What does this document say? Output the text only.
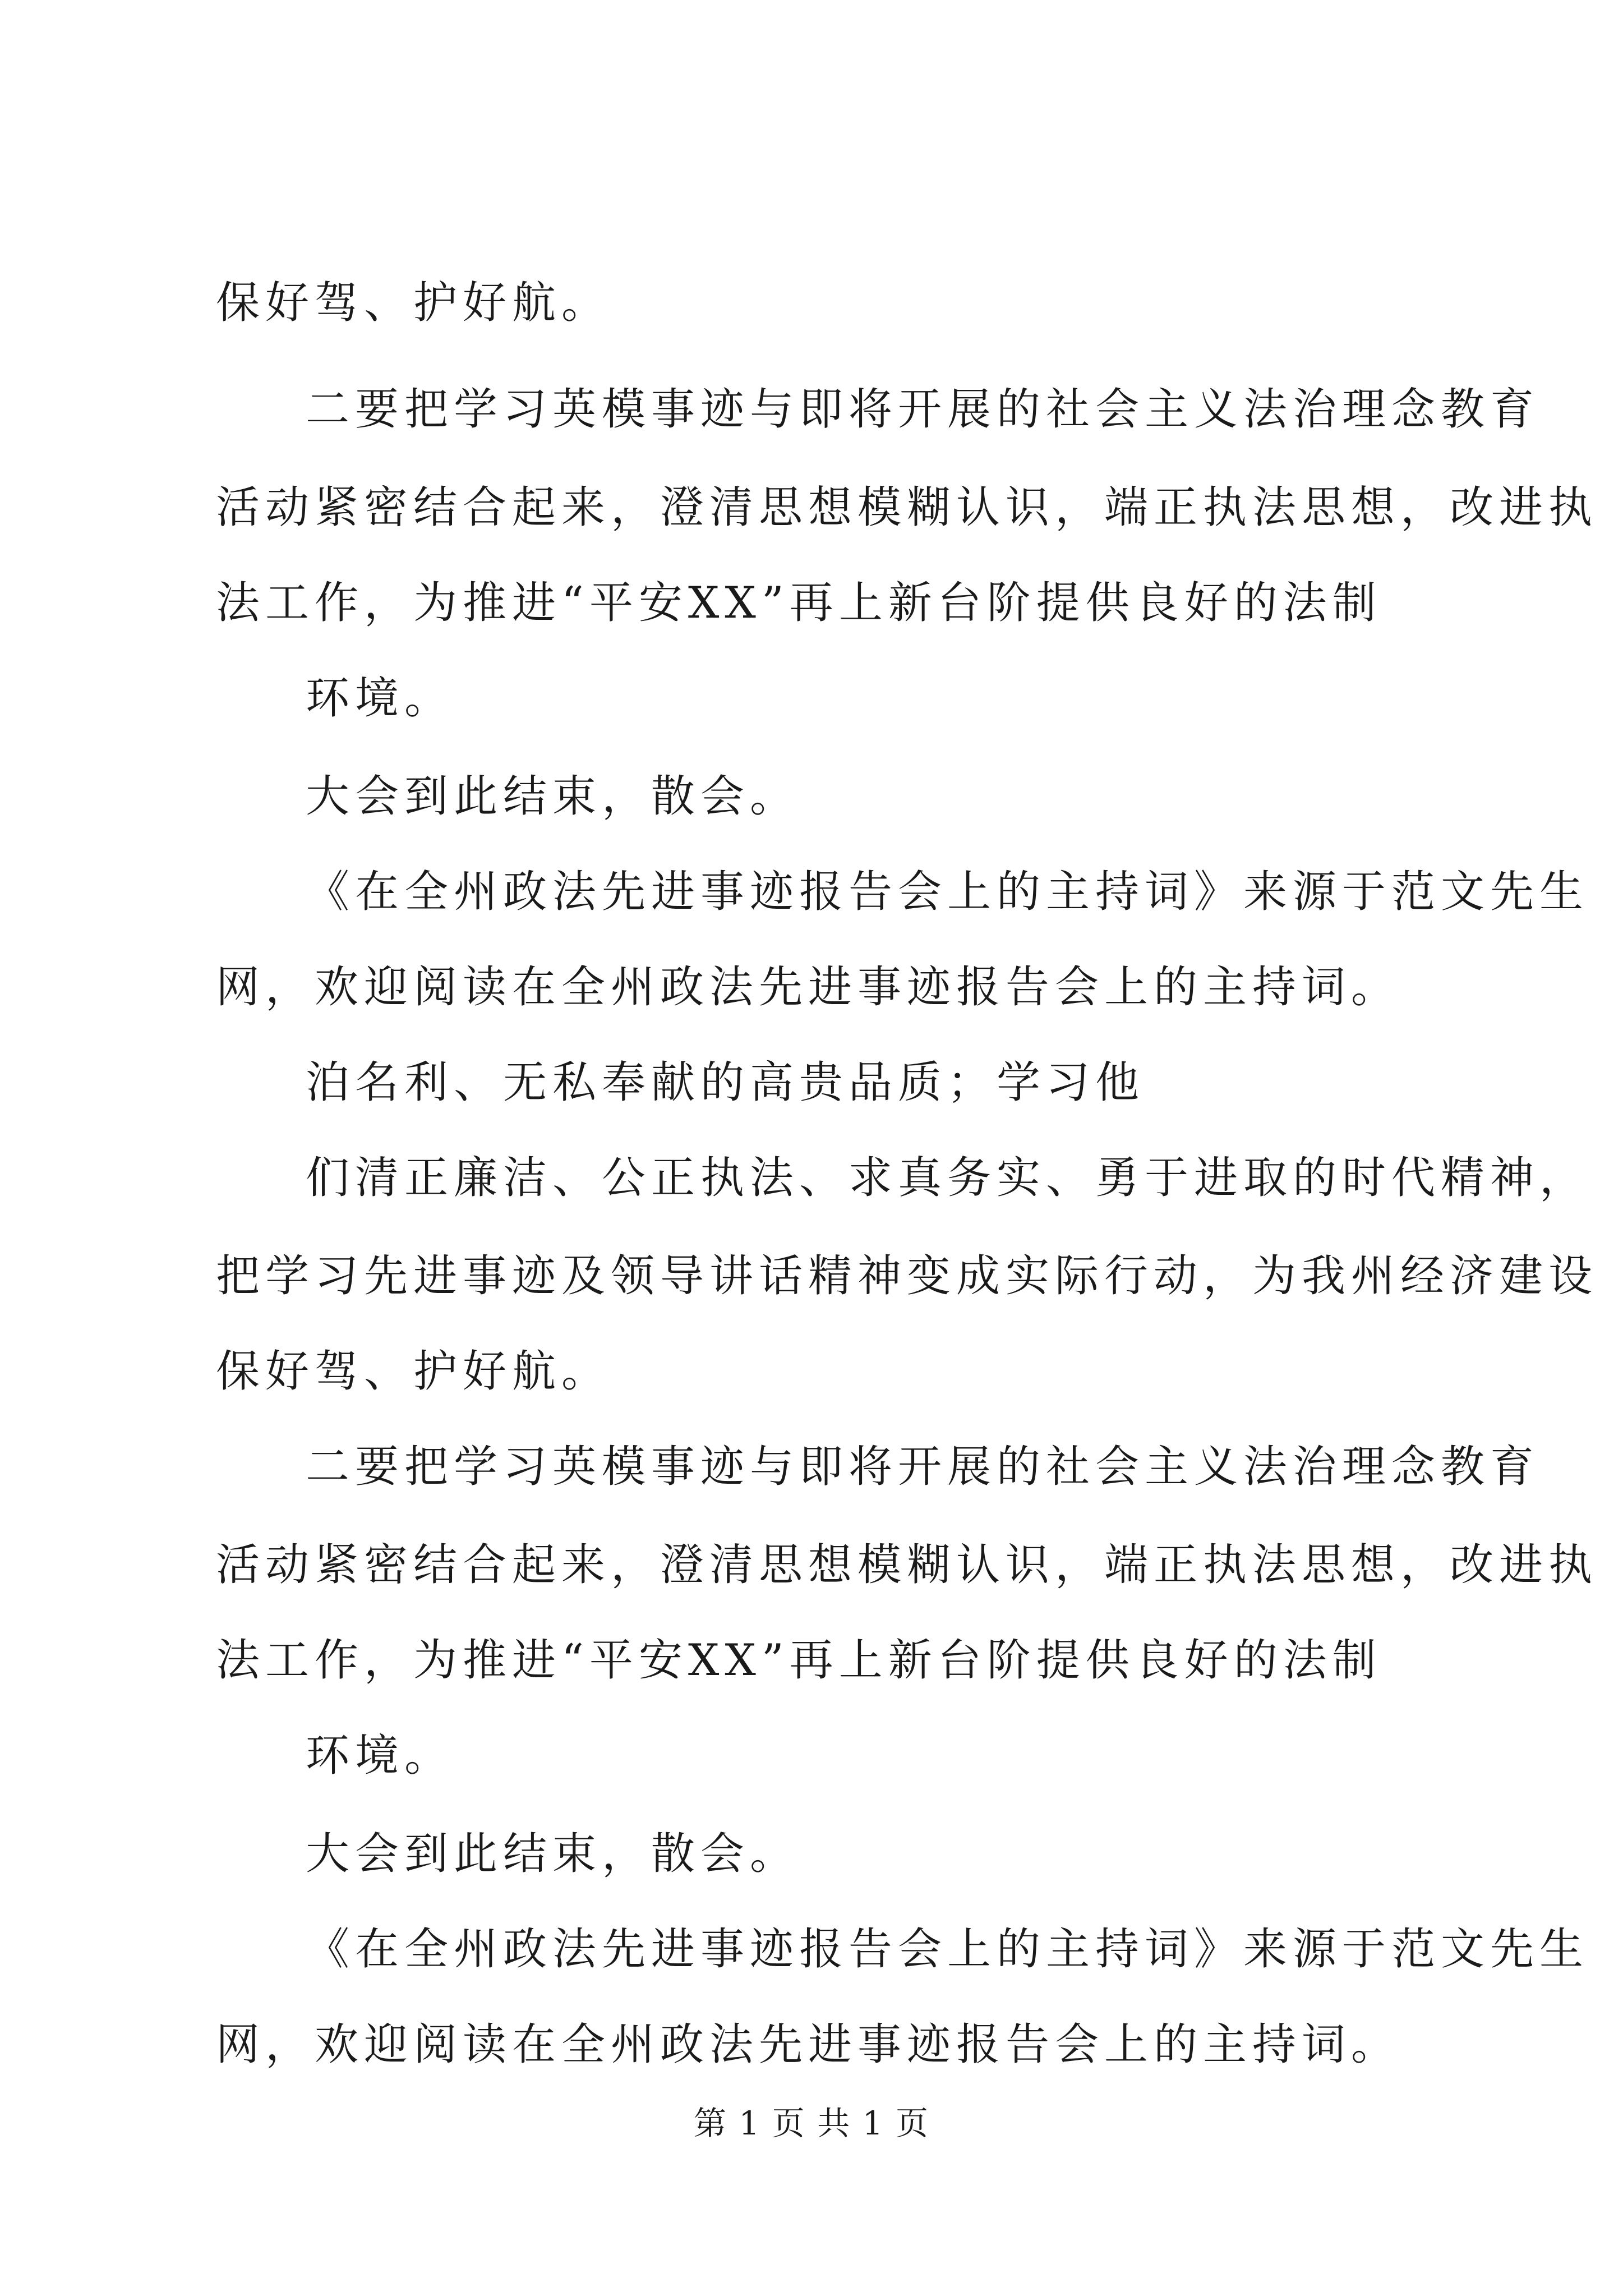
保好驾、护好航。
二要把学习英模事迹与即将开展的社会主义法治理念教育
活动紧密结合起来，澄清思想模糊认识，端正执法思想，改进执
法工作，为推进“平安XX”再上新台阶提供良好的法制
环境。
大会到此结束，散会。
《在全州政法先进事迹报告会上的主持词》来源于范文先生
网，欢迎阅读在全州政法先进事迹报告会上的主持词。
泊名利、无私奉献的高贵品质；学习他
们清正廉洁、公正执法、求真务实、勇于进取的时代精神，
把学习先进事迹及领导讲话精神变成实际行动，为我州经济建设
保好驾、护好航。
二要把学习英模事迹与即将开展的社会主义法治理念教育
活动紧密结合起来，澄清思想模糊认识，端正执法思想，改进执
法工作，为推进“平安XX”再上新台阶提供良好的法制
环境。
大会到此结束，散会。
《在全州政法先进事迹报告会上的主持词》来源于范文先生
网，欢迎阅读在全州政法先进事迹报告会上的主持词。
第 1 页 共 1 页
